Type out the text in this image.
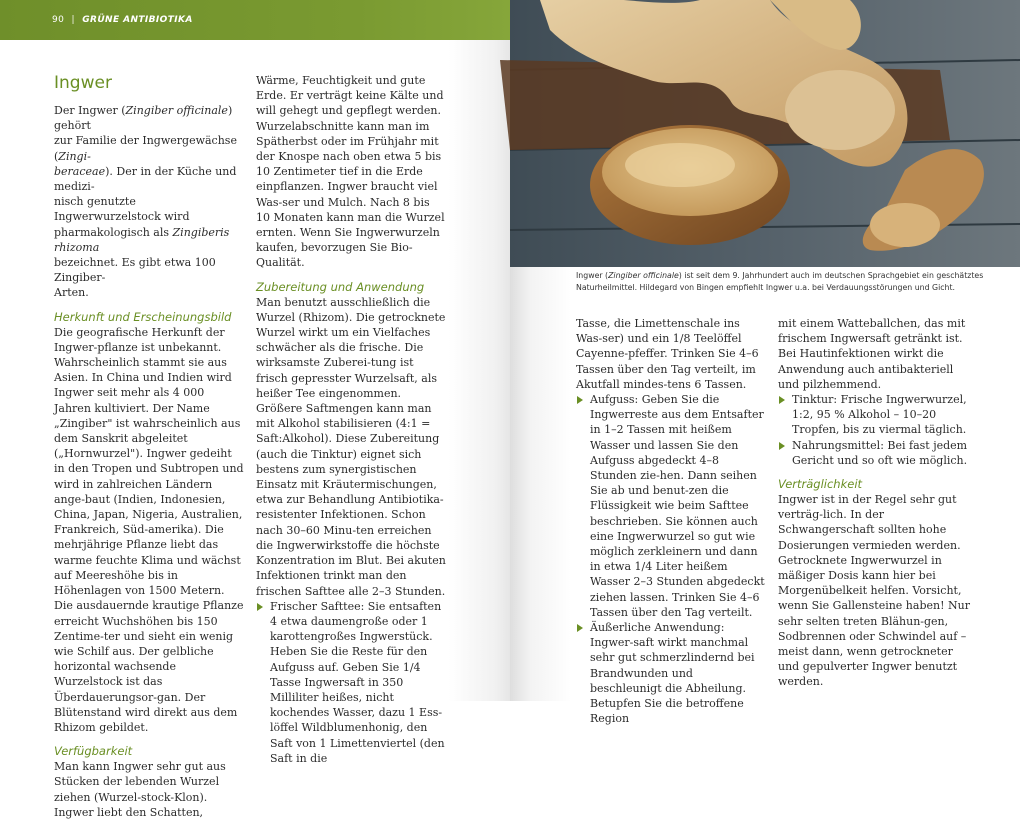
90 | GRÜNE ANTIBIOTIKA
Ingwer

Der Ingwer (Zingiber officinale) gehört
zur Familie der Ingwergewächse (Zingi-
beraceae). Der in der Küche und medizi-
nisch genutzte Ingwerwurzelstock wird
pharmakologisch als Zingiberis rhizoma
bezeichnet. Es gibt etwa 100 Zingiber-
Arten.

Herkunft und Erscheinungsbild

Die geografische Herkunft der Ingwer-pflanze ist unbekannt. Wahrscheinlich stammt sie aus Asien. In China und Indien wird Ingwer seit mehr als 4 000 Jahren kultiviert. Der Name „Zingiber" ist wahrscheinlich aus dem Sanskrit abgeleitet („Hornwurzel"). Ingwer gedeiht in den Tropen und Subtropen und wird in zahlreichen Ländern ange-baut (Indien, Indonesien, China, Japan, Nigeria, Australien, Frankreich, Süd-amerika). Die mehrjährige Pflanze liebt das warme feuchte Klima und wächst auf Meereshöhe bis in Höhenlagen von 1500 Metern.

Die ausdauernde krautige Pflanze erreicht Wuchshöhen bis 150 Zentime-ter und sieht ein wenig wie Schilf aus. Der gelbliche horizontal wachsende Wurzelstock ist das Überdauerungsor-gan. Der Blütenstand wird direkt aus dem Rhizom gebildet.

Verfügbarkeit

Man kann Ingwer sehr gut aus Stücken der lebenden Wurzel ziehen (Wurzel-stock-Klon). Ingwer liebt den Schatten,

Wärme, Feuchtigkeit und gute Erde. Er verträgt keine Kälte und will gehegt und gepflegt werden. Wurzelabschnitte kann man im Spätherbst oder im Frühjahr mit der Knospe nach oben etwa 5 bis 10 Zentimeter tief in die Erde einpflanzen. Ingwer braucht viel Was-ser und Mulch. Nach 8 bis 10 Monaten kann man die Wurzel ernten. Wenn Sie Ingwerwurzeln kaufen, bevorzugen Sie Bio-Qualität.

Zubereitung und Anwendung

Man benutzt ausschließlich die Wurzel (Rhizom). Die getrocknete Wurzel wirkt um ein Vielfaches schwächer als die frische. Die wirksamste Zuberei-tung ist frisch gepresster Wurzelsaft, als heißer Tee eingenommen. Größere Saftmengen kann man mit Alkohol stabilisieren (4:1 = Saft:Alkohol). Diese Zubereitung (auch die Tinktur) eignet sich bestens zum synergistischen Einsatz mit Kräutermischungen, etwa zur Behandlung Antibiotika-resistenter Infektionen. Schon nach 30–60 Minu-ten erreichen die Ingwerwirkstoffe die höchste Konzentration im Blut. Bei akuten Infektionen trinkt man den frischen Safttee alle 2–3 Stunden.

Frischer Safttee: Sie entsaften 4 etwa daumengroße oder 1 karottengroßes Ingwerstück. Heben Sie die Reste für den Aufguss auf. Geben Sie 1/4 Tasse Ingwersaft in 350 Milliliter heißes, nicht kochendes Wasser, dazu 1 Ess-löffel Wildblumenhonig, den Saft von 1 Limettenviertel (den Saft in die

Ingwer (Zingiber officinale) ist seit dem 9. Jahrhundert auch im deutschen Sprachgebiet ein geschätztes Naturheilmittel. Hildegard von Bingen empfiehlt Ingwer u.a. bei Verdauungsstörungen und Gicht.

Tasse, die Limettenschale ins Was-ser) und ein 1/8 Teelöffel Cayenne-pfeffer. Trinken Sie 4–6 Tassen über den Tag verteilt, im Akutfall mindes-tens 6 Tassen.

Aufguss: Geben Sie die Ingwerreste aus dem Entsafter in 1–2 Tassen mit heißem Wasser und lassen Sie den Aufguss abgedeckt 4–8 Stunden zie-hen. Dann seihen Sie ab und benut-zen die Flüssigkeit wie beim Safttee beschrieben. Sie können auch eine Ingwerwurzel so gut wie möglich zerkleinern und dann in etwa 1/4 Liter heißem Wasser 2–3 Stunden abgedeckt ziehen lassen. Trinken Sie 4–6 Tassen über den Tag verteilt.

Äußerliche Anwendung: Ingwer-saft wirkt manchmal sehr gut schmerzlindernd bei Brandwunden und beschleunigt die Abheilung. Betupfen Sie die betroffene Region

mit einem Watteballchen, das mit frischem Ingwersaft getränkt ist. Bei Hautinfektionen wirkt die Anwendung auch antibakteriell und pilzhemmend.

Tinktur: Frische Ingwerwurzel, 1:2, 95 % Alkohol – 10–20 Tropfen, bis zu viermal täglich.

Nahrungsmittel: Bei fast jedem Gericht und so oft wie möglich.

Verträglichkeit

Ingwer ist in der Regel sehr gut verträg-lich. In der Schwangerschaft sollten hohe Dosierungen vermieden werden. Getrocknete Ingwerwurzel in mäßiger Dosis kann hier bei Morgenübelkeit helfen. Vorsicht, wenn Sie Gallensteine haben! Nur sehr selten treten Blähun-gen, Sodbrennen oder Schwindel auf – meist dann, wenn getrockneter und gepulverter Ingwer benutzt werden.
